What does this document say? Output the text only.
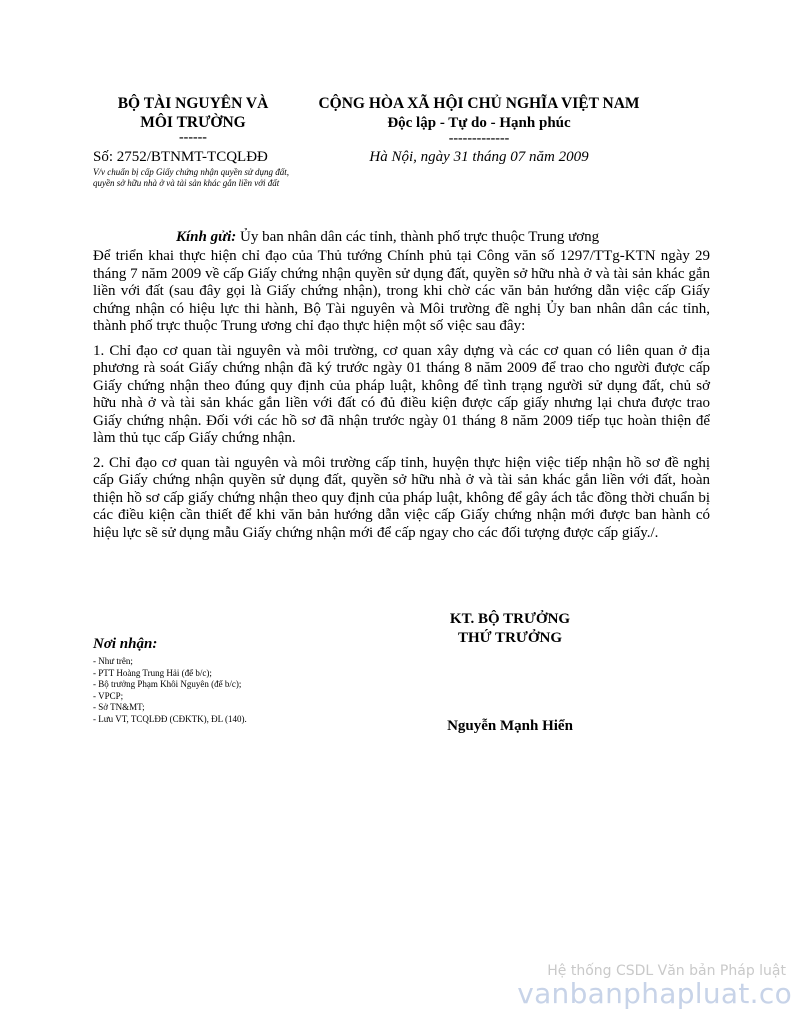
BỘ TÀI NGUYÊN VÀ
MÔI TRƯỜNG
------
CỘNG HÒA XÃ HỘI CHỦ NGHĨA VIỆT NAM
Độc lập - Tự do - Hạnh phúc
-------------
Số: 2752/BTNMT-TCQLĐĐ
V/v chuẩn bị cấp Giấy chứng nhận quyền sử dụng đất, quyền sở hữu nhà ở và tài sản khác gắn liền với đất
Hà Nội, ngày 31 tháng 07 năm 2009
Kính gửi: Ủy ban nhân dân các tỉnh, thành phố trực thuộc Trung ương

Để triển khai thực hiện chỉ đạo của Thủ tướng Chính phủ tại Công văn số 1297/TTg-KTN ngày 29 tháng 7 năm 2009 về cấp Giấy chứng nhận quyền sử dụng đất, quyền sở hữu nhà ở và tài sản khác gắn liền với đất (sau đây gọi là Giấy chứng nhận), trong khi chờ các văn bản hướng dẫn việc cấp Giấy chứng nhận có hiệu lực thi hành, Bộ Tài nguyên và Môi trường đề nghị Ủy ban nhân dân các tỉnh, thành phố trực thuộc Trung ương chỉ đạo thực hiện một số việc sau đây:

1. Chỉ đạo cơ quan tài nguyên và môi trường, cơ quan xây dựng và các cơ quan có liên quan ở địa phương rà soát Giấy chứng nhận đã ký trước ngày 01 tháng 8 năm 2009 để trao cho người được cấp Giấy chứng nhận theo đúng quy định của pháp luật, không để tình trạng người sử dụng đất, chủ sở hữu nhà ở và tài sản khác gắn liền với đất có đủ điều kiện được cấp giấy nhưng lại chưa được trao Giấy chứng nhận. Đối với các hồ sơ đã nhận trước ngày 01 tháng 8 năm 2009 tiếp tục hoàn thiện để làm thủ tục cấp Giấy chứng nhận.

2. Chỉ đạo cơ quan tài nguyên và môi trường cấp tỉnh, huyện thực hiện việc tiếp nhận hồ sơ đề nghị cấp Giấy chứng nhận quyền sử dụng đất, quyền sở hữu nhà ở và tài sản khác gắn liền với đất, hoàn thiện hồ sơ cấp giấy chứng nhận theo quy định của pháp luật, không để gây ách tắc đồng thời chuẩn bị các điều kiện cần thiết để khi văn bản hướng dẫn việc cấp Giấy chứng nhận mới được ban hành có hiệu lực sẽ sử dụng mẫu Giấy chứng nhận mới để cấp ngay cho các đối tượng được cấp giấy./.

KT. BỘ TRƯỞNG
THỨ TRƯỞNG
Nguyễn Mạnh Hiển
Nơi nhận:
- Như trên;
- PTT Hoàng Trung Hải (để b/c);
- Bộ trưởng Phạm Khôi Nguyên (để b/c);
- VPCP;
- Sở TN&MT;
- Lưu VT, TCQLĐĐ (CĐKTK), ĐL (140).
Hệ thống CSDL Văn bản Pháp luật
vanbanphapluat.co
